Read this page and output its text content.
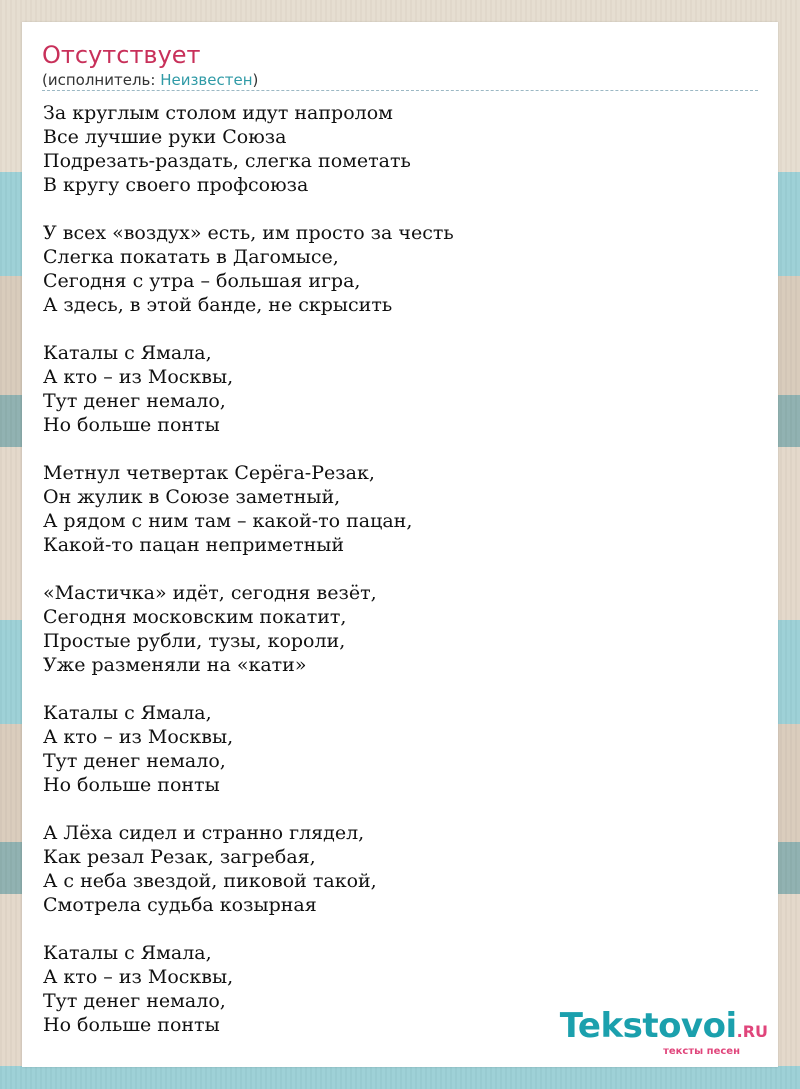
Отсутствует
(исполнитель: Неизвестен)
За круглым столом идут напролом
Все лучшие руки Союза
Подрезать-раздать, слегка пометать
В кругу своего профсоюза
У всех «воздух» есть, им просто за честь
Слегка покатать в Дагомысе,
Сегодня с утра – большая игра,
А здесь, в этой банде, не скрысить
Каталы с Ямала,
А кто – из Москвы,
Тут денег немало,
Но больше понты
Метнул четвертак Серёга-Резак,
Он жулик в Союзе заметный,
А рядом с ним там – какой-то пацан,
Какой-то пацан неприметный
«Мастичка» идёт, сегодня везёт,
Сегодня московским покатит,
Простые рубли, тузы, короли,
Уже разменяли на «кати»
Каталы с Ямала,
А кто – из Москвы,
Тут денег немало,
Но больше понты
А Лёха сидел и странно глядел,
Как резал Резак, загребая,
А с неба звездой, пиковой такой,
Смотрела судьба козырная
Каталы с Ямала,
А кто – из Москвы,
Тут денег немало,
Но больше понты	Tekstovoi.RU
тексты песен
